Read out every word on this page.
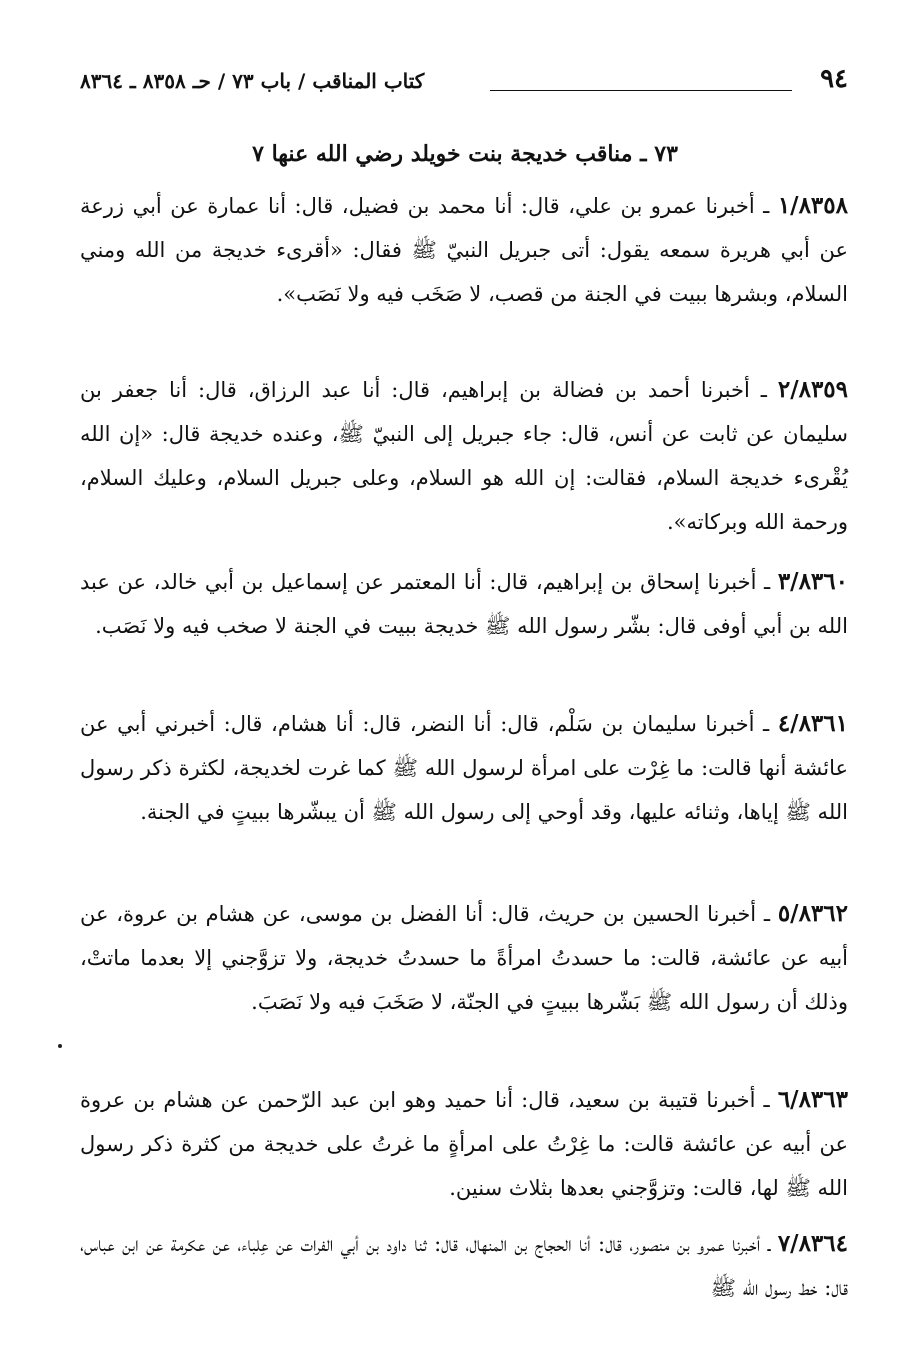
٩٤
كتاب المناقب / باب ٧٣ / حـ ٨٣٥٨ ـ ٨٣٦٤
٧٣ ـ مناقب خديجة بنت خويلد رضي الله عنها ٧
١/٨٣٥٨ ـ أخبرنا عمرو بن علي، قال: أنا محمد بن فضيل، قال: أنا عمارة عن أبي زرعة عن أبي هريرة سمعه يقول: أتى جبريل النبيّ ﷺ فقال: «أقرىء خديجة من الله ومني السلام، وبشرها ببيت في الجنة من قصب، لا صَخَب فيه ولا نَصَب».
٢/٨٣٥٩ ـ أخبرنا أحمد بن فضالة بن إبراهيم، قال: أنا عبد الرزاق، قال: أنا جعفر بن سليمان عن ثابت عن أنس، قال: جاء جبريل إلى النبيّ ﷺ، وعنده خديجة قال: «إن الله يُقْرىء خديجة السلام، فقالت: إن الله هو السلام، وعلى جبريل السلام، وعليك السلام، ورحمة الله وبركاته».
٣/٨٣٦٠ ـ أخبرنا إسحاق بن إبراهيم، قال: أنا المعتمر عن إسماعيل بن أبي خالد، عن عبد الله بن أبي أوفى قال: بشّر رسول الله ﷺ خديجة ببيت في الجنة لا صخب فيه ولا نَصَب.
٤/٨٣٦١ ـ أخبرنا سليمان بن سَلْم، قال: أنا النضر، قال: أنا هشام، قال: أخبرني أبي عن عائشة أنها قالت: ما غِرْت على امرأة لرسول الله ﷺ كما غرت لخديجة، لكثرة ذكر رسول الله ﷺ إياها، وثنائه عليها، وقد أوحي إلى رسول الله ﷺ أن يبشّرها ببيتٍ في الجنة.
٥/٨٣٦٢ ـ أخبرنا الحسين بن حريث، قال: أنا الفضل بن موسى، عن هشام بن عروة، عن أبيه عن عائشة، قالت: ما حسدتُ امرأةً ما حسدتُ خديجة، ولا تزوَّجني إلا بعدما ماتتْ، وذلك أن رسول الله ﷺ بَشّرها ببيتٍ في الجنّة، لا صَخَبَ فيه ولا نَصَبَ.
٦/٨٣٦٣ ـ أخبرنا قتيبة بن سعيد، قال: أنا حميد وهو ابن عبد الرّحمن عن هشام بن عروة عن أبيه عن عائشة قالت: ما غِرْتُ على امرأةٍ ما غرتُ على خديجة من كثرة ذكر رسول الله ﷺ لها، قالت: وتزوَّجني بعدها بثلاث سنين.
٧/٨٣٦٤ ـ أخبرنا عمرو بن منصور، قال: أنا الحجاج بن المنهال، قال: ثنا داود بن أبي الفرات عن عِلباء، عن عكرمة عن ابن عباس، قال: خط رسول الله ﷺ
